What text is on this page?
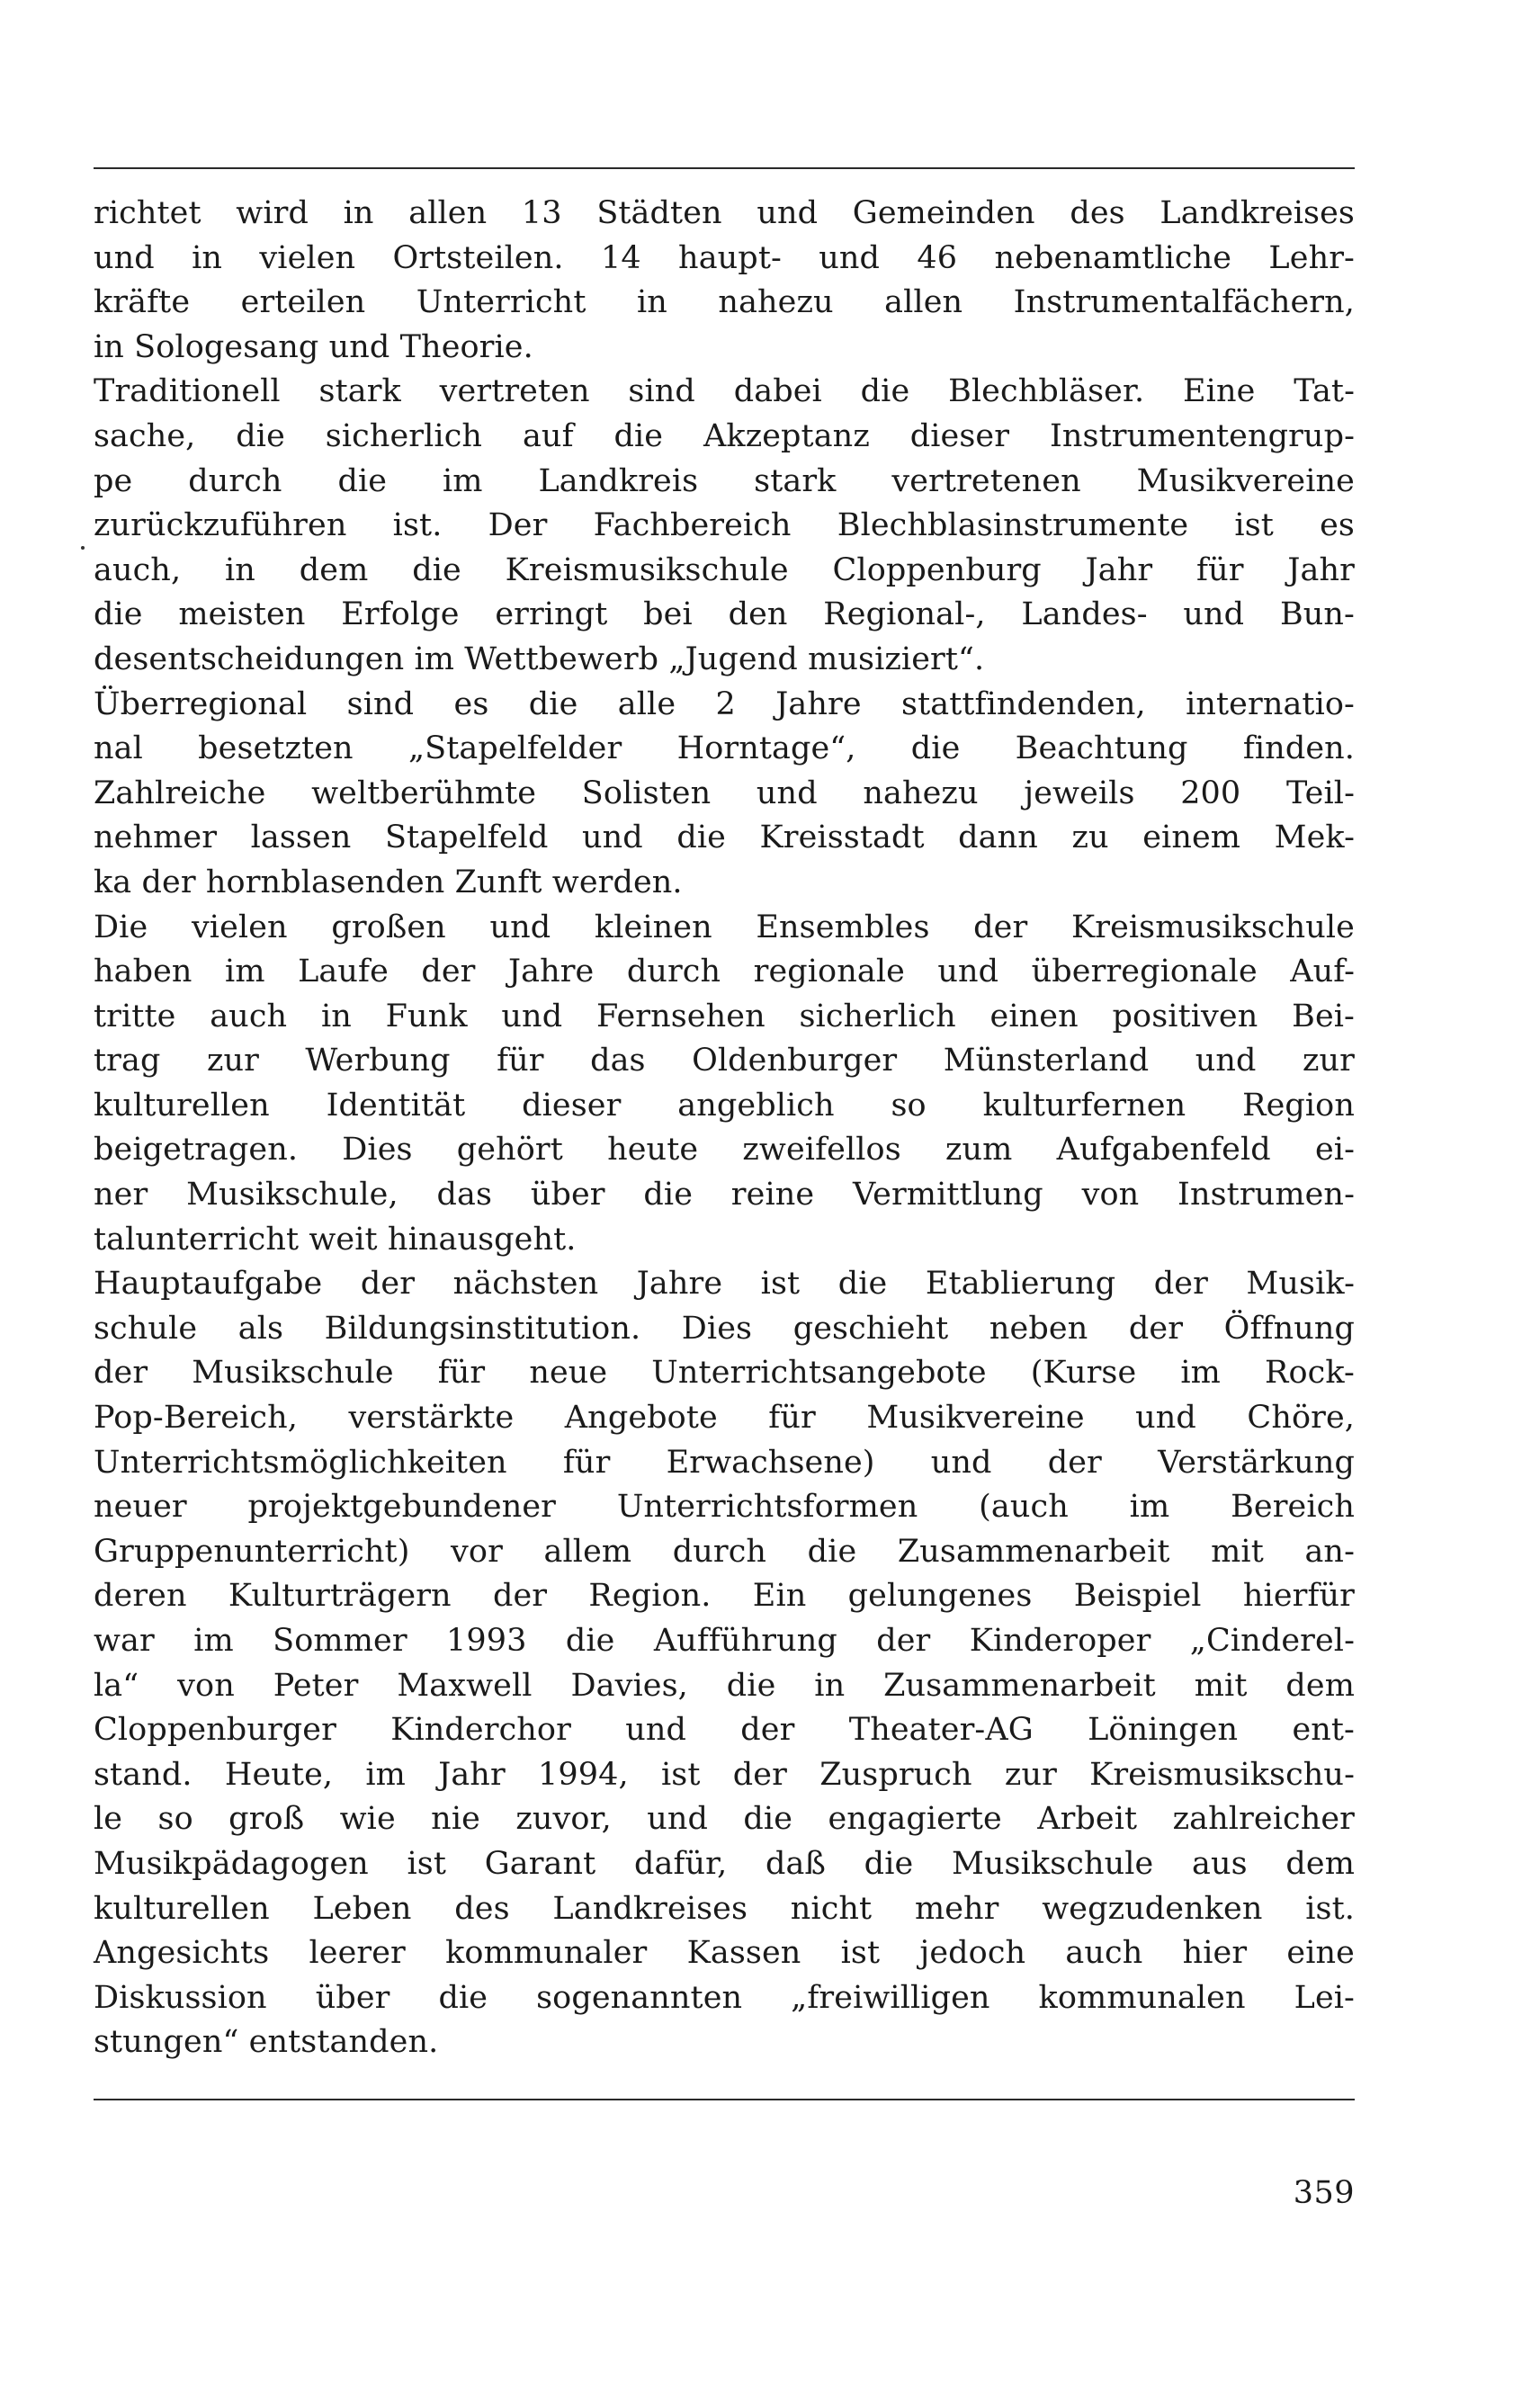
richtet wird in allen 13 Städten und Gemeinden des Landkreises
und in vielen Ortsteilen. 14 haupt- und 46 nebenamtliche Lehr-
kräfte erteilen Unterricht in nahezu allen Instrumentalfächern,
in Sologesang und Theorie.
Traditionell stark vertreten sind dabei die Blechbläser. Eine Tat-
sache, die sicherlich auf die Akzeptanz dieser Instrumentengrup-
pe durch die im Landkreis stark vertretenen Musikvereine
zurückzuführen ist. Der Fachbereich Blechblasinstrumente ist es
auch, in dem die Kreismusikschule Cloppenburg Jahr für Jahr
die meisten Erfolge erringt bei den Regional-, Landes- und Bun-
desentscheidungen im Wettbewerb „Jugend musiziert“.
Überregional sind es die alle 2 Jahre stattfindenden, internatio-
nal besetzten „Stapelfelder Horntage“, die Beachtung finden.
Zahlreiche weltberühmte Solisten und nahezu jeweils 200 Teil-
nehmer lassen Stapelfeld und die Kreisstadt dann zu einem Mek-
ka der hornblasenden Zunft werden.
Die vielen großen und kleinen Ensembles der Kreismusikschule
haben im Laufe der Jahre durch regionale und überregionale Auf-
tritte auch in Funk und Fernsehen sicherlich einen positiven Bei-
trag zur Werbung für das Oldenburger Münsterland und zur
kulturellen Identität dieser angeblich so kulturfernen Region
beigetragen. Dies gehört heute zweifellos zum Aufgabenfeld ei-
ner Musikschule, das über die reine Vermittlung von Instrumen-
talunterricht weit hinausgeht.
Hauptaufgabe der nächsten Jahre ist die Etablierung der Musik-
schule als Bildungsinstitution. Dies geschieht neben der Öffnung
der Musikschule für neue Unterrichtsangebote (Kurse im Rock-
Pop-Bereich, verstärkte Angebote für Musikvereine und Chöre,
Unterrichtsmöglichkeiten für Erwachsene) und der Verstärkung
neuer projektgebundener Unterrichtsformen (auch im Bereich
Gruppenunterricht) vor allem durch die Zusammenarbeit mit an-
deren Kulturträgern der Region. Ein gelungenes Beispiel hierfür
war im Sommer 1993 die Aufführung der Kinderoper „Cinderel-
la“ von Peter Maxwell Davies, die in Zusammenarbeit mit dem
Cloppenburger Kinderchor und der Theater-AG Löningen ent-
stand. Heute, im Jahr 1994, ist der Zuspruch zur Kreismusikschu-
le so groß wie nie zuvor, und die engagierte Arbeit zahlreicher
Musikpädagogen ist Garant dafür, daß die Musikschule aus dem
kulturellen Leben des Landkreises nicht mehr wegzudenken ist.
Angesichts leerer kommunaler Kassen ist jedoch auch hier eine
Diskussion über die sogenannten „freiwilligen kommunalen Lei-
stungen“ entstanden.
359
